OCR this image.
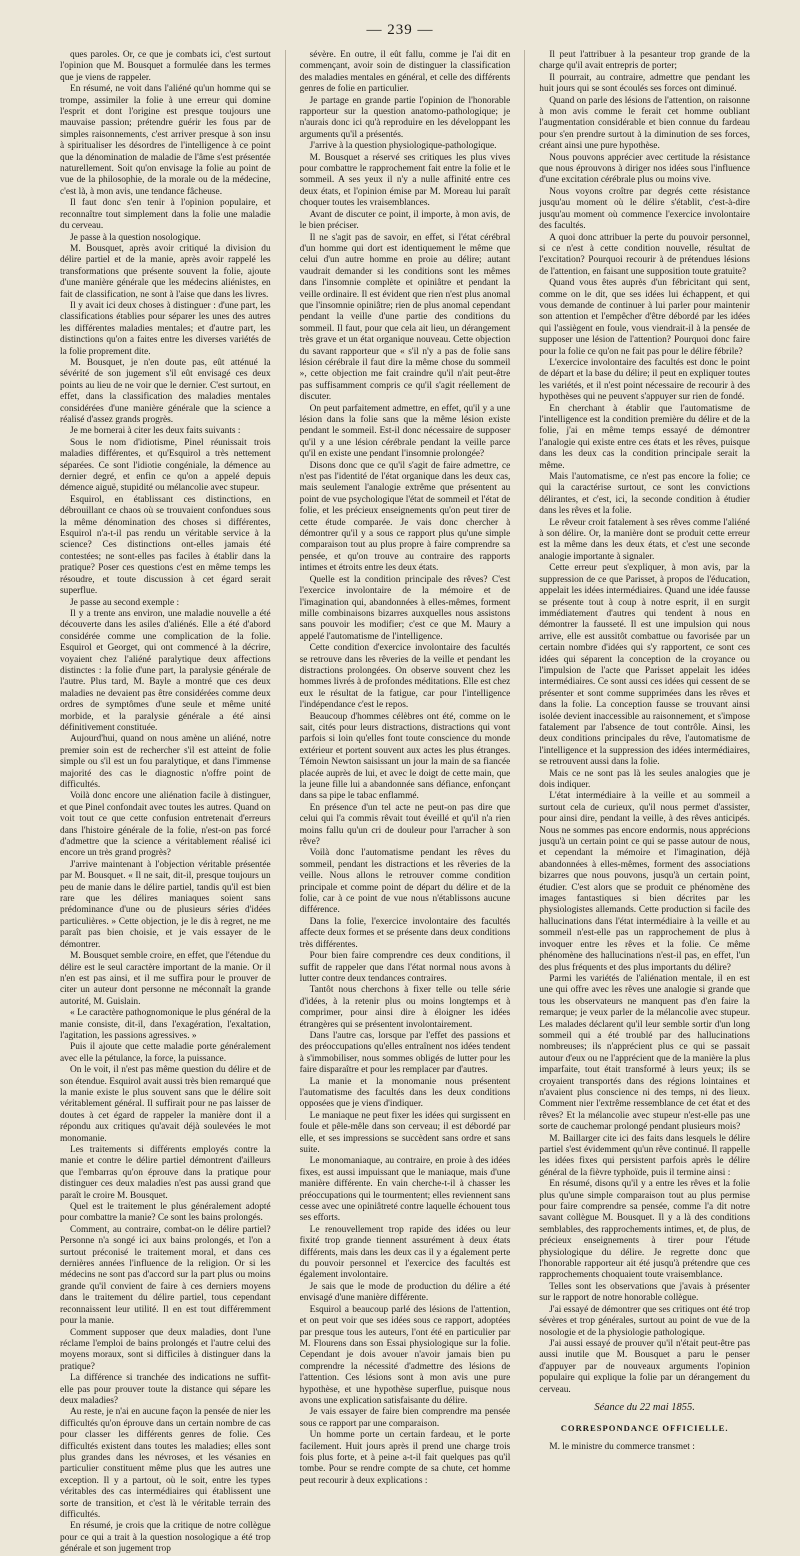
— 239 —

ques paroles. Or, ce que je combats ici, c'est surtout l'opinion que M. Bousquet a formulée dans les termes que je viens de rappeler.

En résumé, ne voit dans l'aliéné qu'un homme qui se trompe, assimiler la folie à une erreur qui domine l'esprit et dont l'origine est presque toujours une mauvaise passion; prétendre guérir les fous par de simples raisonnements, c'est arriver presque à son insu à spiritualiser les désordres de l'intelligence à ce point que la dénomination de maladie de l'âme s'est présentée naturellement. Soit qu'on envisage la folie au point de vue de la philosophie, de la morale ou de la médecine, c'est là, à mon avis, une tendance fâcheuse.

Il faut donc s'en tenir à l'opinion populaire, et reconnaître tout simplement dans la folie une maladie du cerveau.

Je passe à la question nosologique.

M. Bousquet, après avoir critiqué la division du délire partiel et de la manie, après avoir rappelé les transformations que présente souvent la folie, ajoute d'une manière générale que les médecins aliénistes, en fait de classification, ne sont à l'aise que dans les livres.

Il y avait ici deux choses à distinguer : d'une part, les classifications établies pour séparer les unes des autres les différentes maladies mentales; et d'autre part, les distinctions qu'on a faites entre les diverses variétés de la folie proprement dite.

M. Bousquet, je n'en doute pas, eût atténué la sévérité de son jugement s'il eût envisagé ces deux points au lieu de ne voir que le dernier. C'est surtout, en effet, dans la classification des maladies mentales considérées d'une manière générale que la science a réalisé d'assez grands progrès.

Je me bornerai à citer les deux faits suivants :

Sous le nom d'idiotisme, Pinel réunissait trois maladies différentes, et qu'Esquirol a très nettement séparées. Ce sont l'idiotie congéniale, la démence au dernier degré, et enfin ce qu'on a appelé depuis démence aiguë, stupidité ou mélancolie avec stupeur.

Esquirol, en établissant ces distinctions, en débrouillant ce chaos où se trouvaient confondues sous la même dénomination des choses si différentes, Esquirol n'a-t-il pas rendu un véritable service à la science? Ces distinctions ont-elles jamais été contestées; ne sont-elles pas faciles à établir dans la pratique? Poser ces questions c'est en même temps les résoudre, et toute discussion à cet égard serait superflue.

Je passe au second exemple :

Il y a trente ans environ, une maladie nouvelle a été découverte dans les asiles d'aliénés. Elle a été d'abord considérée comme une complication de la folie. Esquirol et Georget, qui ont commencé à la décrire, voyaient chez l'aliéné paralytique deux affections distinctes : la folie d'une part, la paralysie générale de l'autre. Plus tard, M. Bayle a montré que ces deux maladies ne devaient pas être considérées comme deux ordres de symptômes d'une seule et même unité morbide, et la paralysie générale a été ainsi définitivement constituée.

Aujourd'hui, quand on nous amène un aliéné, notre premier soin est de rechercher s'il est atteint de folie simple ou s'il est un fou paralytique, et dans l'immense majorité des cas le diagnostic n'offre point de difficultés.

Voilà donc encore une aliénation facile à distinguer, et que Pinel confondait avec toutes les autres. Quand on voit tout ce que cette confusion entretenait d'erreurs dans l'histoire générale de la folie, n'est-on pas forcé d'admettre que la science a véritablement réalisé ici encore un très grand progrès?

J'arrive maintenant à l'objection véritable présentée par M. Bousquet. « Il ne sait, dit-il, presque toujours un peu de manie dans le délire partiel, tandis qu'il est bien rare que les délires maniaques soient sans prédominance d'une ou de plusieurs séries d'idées particulières. » Cette objection, je le dis à regret, ne me paraît pas bien choisie, et je vais essayer de le démontrer.

M. Bousquet semble croire, en effet, que l'étendue du délire est le seul caractère important de la manie. Or il n'en est pas ainsi, et il me suffira pour le prouver de citer un auteur dont personne ne méconnaît la grande autorité, M. Guislain.

« Le caractère pathognomonique le plus général de la manie consiste, dit-il, dans l'exagération, l'exaltation, l'agitation, les passions agressives. »

Puis il ajoute que cette maladie porte généralement avec elle la pétulance, la force, la puissance.

On le voit, il n'est pas même question du délire et de son étendue. Esquirol avait aussi très bien remarqué que la manie existe le plus souvent sans que le délire soit véritablement général. Il suffirait pour ne pas laisser de doutes à cet égard de rappeler la manière dont il a répondu aux critiques qu'avait déjà soulevées le mot monomanie.

Les traitements si différents employés contre la manie et contre le délire partiel démontrent d'ailleurs que l'embarras qu'on éprouve dans la pratique pour distinguer ces deux maladies n'est pas aussi grand que paraît le croire M. Bousquet.

Quel est le traitement le plus généralement adopté pour combattre la manie? Ce sont les bains prolongés.

Comment, au contraire, combat-on le délire partiel? Personne n'a songé ici aux bains prolongés, et l'on a surtout préconisé le traitement moral, et dans ces dernières années l'influence de la religion. Or si les médecins ne sont pas d'accord sur la part plus ou moins grande qu'il convient de faire à ces derniers moyens dans le traitement du délire partiel, tous cependant reconnaissent leur utilité. Il en est tout différemment pour la manie.

Comment supposer que deux maladies, dont l'une réclame l'emploi de bains prolongés et l'autre celui des moyens moraux, sont si difficiles à distinguer dans la pratique?

La différence si tranchée des indications ne suffit-elle pas pour prouver toute la distance qui sépare les deux maladies?

Au reste, je n'ai en aucune façon la pensée de nier les difficultés qu'on éprouve dans un certain nombre de cas pour classer les différents genres de folie. Ces difficultés existent dans toutes les maladies; elles sont plus grandes dans les névroses, et les vésanies en particulier constituent même plus que les autres une exception. Il y a partout, où le soit, entre les types véritables des cas intermédiaires qui établissent une sorte de transition, et c'est là le véritable terrain des difficultés.

En résumé, je crois que la critique de notre collègue pour ce qui a trait à la question nosologique a été trop générale et son jugement trop

sévère. En outre, il eût fallu, comme je l'ai dit en commençant, avoir soin de distinguer la classification des maladies mentales en général, et celle des différents genres de folie en particulier.

Je partage en grande partie l'opinion de l'honorable rapporteur sur la question anatomo-pathologique; je n'aurais donc ici qu'à reproduire en les développant les arguments qu'il a présentés.

J'arrive à la question physiologique-pathologique.

M. Bousquet a réservé ses critiques les plus vives pour combattre le rapprochement fait entre la folie et le sommeil. A ses yeux il n'y a nulle affinité entre ces deux états, et l'opinion émise par M. Moreau lui paraît choquer toutes les vraisemblances.

Avant de discuter ce point, il importe, à mon avis, de le bien préciser.

Il ne s'agit pas de savoir, en effet, si l'état cérébral d'un homme qui dort est identiquement le même que celui d'un autre homme en proie au délire; autant vaudrait demander si les conditions sont les mêmes dans l'insomnie complète et opiniâtre et pendant la veille ordinaire. Il est évident que rien n'est plus anomal que l'insomnie opiniâtre; rien de plus anomal cependant pendant la veille d'une partie des conditions du sommeil. Il faut, pour que cela ait lieu, un dérangement très grave et un état organique nouveau. Cette objection du savant rapporteur que « s'il n'y a pas de folie sans lésion cérébrale il faut dire la même chose du sommeil », cette objection me fait craindre qu'il n'ait peut-être pas suffisamment compris ce qu'il s'agit réellement de discuter.

On peut parfaitement admettre, en effet, qu'il y a une lésion dans la folie sans que la même lésion existe pendant le sommeil. Est-il donc nécessaire de supposer qu'il y a une lésion cérébrale pendant la veille parce qu'il en existe une pendant l'insomnie prolongée?

Disons donc que ce qu'il s'agit de faire admettre, ce n'est pas l'identité de l'état organique dans les deux cas, mais seulement l'analogie extrême que présentent au point de vue psychologique l'état de sommeil et l'état de folie, et les précieux enseignements qu'on peut tirer de cette étude comparée. Je vais donc chercher à démontrer qu'il y a sous ce rapport plus qu'une simple comparaison tout au plus propre à faire comprendre sa pensée, et qu'on trouve au contraire des rapports intimes et étroits entre les deux états.

Quelle est la condition principale des rêves? C'est l'exercice involontaire de la mémoire et de l'imagination qui, abandonnées à elles-mêmes, forment mille combinaisons bizarres auxquelles nous assistons sans pouvoir les modifier; c'est ce que M. Maury a appelé l'automatisme de l'intelligence.

Cette condition d'exercice involontaire des facultés se retrouve dans les rêveries de la veille et pendant les distractions prolongées. On observe souvent chez les hommes livrés à de profondes méditations. Elle est chez eux le résultat de la fatigue, car pour l'intelligence l'indépendance c'est le repos.

Beaucoup d'hommes célèbres ont été, comme on le sait, cités pour leurs distractions, distractions qui vont parfois si loin qu'elles font toute conscience du monde extérieur et portent souvent aux actes les plus étranges. Témoin Newton saisissant un jour la main de sa fiancée placée auprès de lui, et avec le doigt de cette main, que la jeune fille lui a abandonnée sans défiance, enfonçant dans sa pipe le tabac enflammé.

En présence d'un tel acte ne peut-on pas dire que celui qui l'a commis rêvait tout éveillé et qu'il n'a rien moins fallu qu'un cri de douleur pour l'arracher à son rêve?

Voilà donc l'automatisme pendant les rêves du sommeil, pendant les distractions et les rêveries de la veille. Nous allons le retrouver comme condition principale et comme point de départ du délire et de la folie, car à ce point de vue nous n'établissons aucune différence.

Dans la folie, l'exercice involontaire des facultés affecte deux formes et se présente dans deux conditions très différentes.

Pour bien faire comprendre ces deux conditions, il suffit de rappeler que dans l'état normal nous avons à lutter contre deux tendances contraires.

Tantôt nous cherchons à fixer telle ou telle série d'idées, à la retenir plus ou moins longtemps et à comprimer, pour ainsi dire à éloigner les idées étrangères qui se présentent involontairement.

Dans l'autre cas, lorsque par l'effet des passions et des préoccupations qu'elles entraînent nos idées tendent à s'immobiliser, nous sommes obligés de lutter pour les faire disparaître et pour les remplacer par d'autres.

La manie et la monomanie nous présentent l'automatisme des facultés dans les deux conditions opposées que je viens d'indiquer.

Le maniaque ne peut fixer les idées qui surgissent en foule et pêle-mêle dans son cerveau; il est débordé par elle, et ses impressions se succèdent sans ordre et sans suite.

Le monomaniaque, au contraire, en proie à des idées fixes, est aussi impuissant que le maniaque, mais d'une manière différente. En vain cherche-t-il à chasser les préoccupations qui le tourmentent; elles reviennent sans cesse avec une opiniâtreté contre laquelle échouent tous ses efforts.

Le renouvellement trop rapide des idées ou leur fixité trop grande tiennent assurément à deux états différents, mais dans les deux cas il y a également perte du pouvoir personnel et l'exercice des facultés est également involontaire.

Je sais que le mode de production du délire a été envisagé d'une manière différente.

Esquirol a beaucoup parlé des lésions de l'attention, et on peut voir que ses idées sous ce rapport, adoptées par presque tous les auteurs, l'ont été en particulier par M. Flourens dans son Essai physiologique sur la folie. Cependant je dois avouer n'avoir jamais bien pu comprendre la nécessité d'admettre des lésions de l'attention. Ces lésions sont à mon avis une pure hypothèse, et une hypothèse superflue, puisque nous avons une explication satisfaisante du délire.

Je vais essayer de faire bien comprendre ma pensée sous ce rapport par une comparaison.

Un homme porte un certain fardeau, et le porte facilement. Huit jours après il prend une charge trois fois plus forte, et à peine a-t-il fait quelques pas qu'il tombe. Pour se rendre compte de sa chute, cet homme peut recourir à deux explications :

Il peut l'attribuer à la pesanteur trop grande de la charge qu'il avait entrepris de porter;

Il pourrait, au contraire, admettre que pendant les huit jours qui se sont écoulés ses forces ont diminué.

Quand on parle des lésions de l'attention, on raisonne à mon avis comme le ferait cet homme oubliant l'augmentation considérable et bien connue du fardeau pour s'en prendre surtout à la diminution de ses forces, créant ainsi une pure hypothèse.

Nous pouvons apprécier avec certitude la résistance que nous éprouvons à diriger nos idées sous l'influence d'une excitation cérébrale plus ou moins vive.

Nous voyons croître par degrés cette résistance jusqu'au moment où le délire s'établit, c'est-à-dire jusqu'au moment où commence l'exercice involontaire des facultés.

A quoi donc attribuer la perte du pouvoir personnel, si ce n'est à cette condition nouvelle, résultat de l'excitation? Pourquoi recourir à de prétendues lésions de l'attention, en faisant une supposition toute gratuite?

Quand vous êtes auprès d'un fébricitant qui sent, comme on le dit, que ses idées lui échappent, et qui vous demande de continuer à lui parler pour maintenir son attention et l'empêcher d'être débordé par les idées qui l'assiègent en foule, vous viendrait-il à la pensée de supposer une lésion de l'attention? Pourquoi donc faire pour la folie ce qu'on ne fait pas pour le délire fébrile?

L'exercice involontaire des facultés est donc le point de départ et la base du délire; il peut en expliquer toutes les variétés, et il n'est point nécessaire de recourir à des hypothèses qui ne peuvent s'appuyer sur rien de fondé.

En cherchant à établir que l'automatisme de l'intelligence est la condition première du délire et de la folie, j'ai en même temps essayé de démontrer l'analogie qui existe entre ces états et les rêves, puisque dans les deux cas la condition principale serait la même.

Mais l'automatisme, ce n'est pas encore la folie; ce qui la caractérise surtout, ce sont les convictions délirantes, et c'est, ici, la seconde condition à étudier dans les rêves et la folie.

Le rêveur croit fatalement à ses rêves comme l'aliéné à son délire. Or, la manière dont se produit cette erreur est la même dans les deux états, et c'est une seconde analogie importante à signaler.

Cette erreur peut s'expliquer, à mon avis, par la suppression de ce que Parisset, à propos de l'éducation, appelait les idées intermédiaires. Quand une idée fausse se présente tout à coup à notre esprit, il en surgit immédiatement d'autres qui tendent à nous en démontrer la fausseté. Il est une impulsion qui nous arrive, elle est aussitôt combattue ou favorisée par un certain nombre d'idées qui s'y rapportent, ce sont ces idées qui séparent la conception de la croyance ou l'impulsion de l'acte que Parisset appelait les idées intermédiaires. Ce sont aussi ces idées qui cessent de se présenter et sont comme supprimées dans les rêves et dans la folie. La conception fausse se trouvant ainsi isolée devient inaccessible au raisonnement, et s'impose fatalement par l'absence de tout contrôle. Ainsi, les deux conditions principales du rêve, l'automatisme de l'intelligence et la suppression des idées intermédiaires, se retrouvent aussi dans la folie.

Mais ce ne sont pas là les seules analogies que je dois indiquer.

L'état intermédiaire à la veille et au sommeil a surtout cela de curieux, qu'il nous permet d'assister, pour ainsi dire, pendant la veille, à des rêves anticipés. Nous ne sommes pas encore endormis, nous apprécions jusqu'à un certain point ce qui se passe autour de nous, et cependant la mémoire et l'imagination, déjà abandonnées à elles-mêmes, forment des associations bizarres que nous pouvons, jusqu'à un certain point, étudier. C'est alors que se produit ce phénomène des images fantastiques si bien décrites par les physiologistes allemands. Cette production si facile des hallucinations dans l'état intermédiaire à la veille et au sommeil n'est-elle pas un rapprochement de plus à invoquer entre les rêves et la folie. Ce même phénomène des hallucinations n'est-il pas, en effet, l'un des plus fréquents et des plus importants du délire?

Parmi les variétés de l'aliénation mentale, il en est une qui offre avec les rêves une analogie si grande que tous les observateurs ne manquent pas d'en faire la remarque; je veux parler de la mélancolie avec stupeur. Les malades déclarent qu'il leur semble sortir d'un long sommeil qui a été troublé par des hallucinations nombreuses; ils n'apprécient plus ce qui se passait autour d'eux ou ne l'apprécient que de la manière la plus imparfaite, tout était transformé à leurs yeux; ils se croyaient transportés dans des régions lointaines et n'avaient plus conscience ni des temps, ni des lieux. Comment nier l'extrême ressemblance de cet état et des rêves? Et la mélancolie avec stupeur n'est-elle pas une sorte de cauchemar prolongé pendant plusieurs mois?

M. Baillarger cite ici des faits dans lesquels le délire partiel s'est évidemment qu'un rêve continué. Il rappelle les idées fixes qui persistent parfois après le délire général de la fièvre typhoïde, puis il termine ainsi :

En résumé, disons qu'il y a entre les rêves et la folie plus qu'une simple comparaison tout au plus permise pour faire comprendre sa pensée, comme l'a dit notre savant collègue M. Bousquet. Il y a là des conditions semblables, des rapprochements intimes, et, de plus, de précieux enseignements à tirer pour l'étude physiologique du délire. Je regrette donc que l'honorable rapporteur ait été jusqu'à prétendre que ces rapprochements choquaient toute vraisemblance.

Telles sont les observations que j'avais à présenter sur le rapport de notre honorable collègue.

J'ai essayé de démontrer que ses critiques ont été trop sévères et trop générales, surtout au point de vue de la nosologie et de la physiologie pathologique.

J'ai aussi essayé de prouver qu'il n'était peut-être pas aussi inutile que M. Bousquet a paru le penser d'appuyer par de nouveaux arguments l'opinion populaire qui explique la folie par un dérangement du cerveau.

Séance du 22 mai 1855.

CORRESPONDANCE OFFICIELLE.

M. le ministre du commerce transmet :
